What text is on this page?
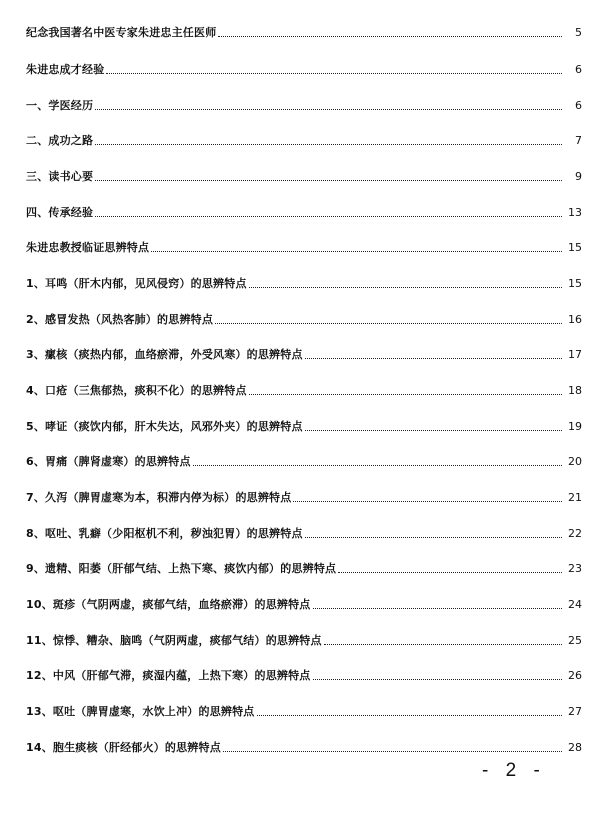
纪念我国著名中医专家朱进忠主任医师	5
朱进忠成才经验	6
一、学医经历	6
二、成功之路	7
三、读书心要	9
四、传承经验	13
朱进忠教授临证思辨特点	15
1、耳鸣（肝木内郁，见风侵窍）的思辨特点	15
2、感冒发热（风热客肺）的思辨特点	16
3、瘰核（痰热内郁，血络瘀滞，外受风寒）的思辨特点	17
4、口疮（三焦郁热，痰积不化）的思辨特点	18
5、哮证（痰饮内郁，肝木失达，风邪外夹）的思辨特点	19
6、胃痛（脾肾虚寒）的思辨特点	20
7、久泻（脾胃虚寒为本，积滞内停为标）的思辨特点	21
8、呕吐、乳癖（少阳枢机不利，秽浊犯胃）的思辨特点	22
9、遗精、阳萎（肝郁气结、上热下寒、痰饮内郁）的思辨特点	23
10、斑疹（气阴两虚，痰郁气结，血络瘀滞）的思辨特点	24
11、惊悸、糟杂、脑鸣（气阴两虚，痰郁气结）的思辨特点	25
12、中风（肝郁气滞，痰湿内蕴，上热下寒）的思辨特点	26
13、呕吐（脾胃虚寒，水饮上冲）的思辨特点	27
14、胞生痰核（肝经郁火）的思辨特点	28
- 2 -
